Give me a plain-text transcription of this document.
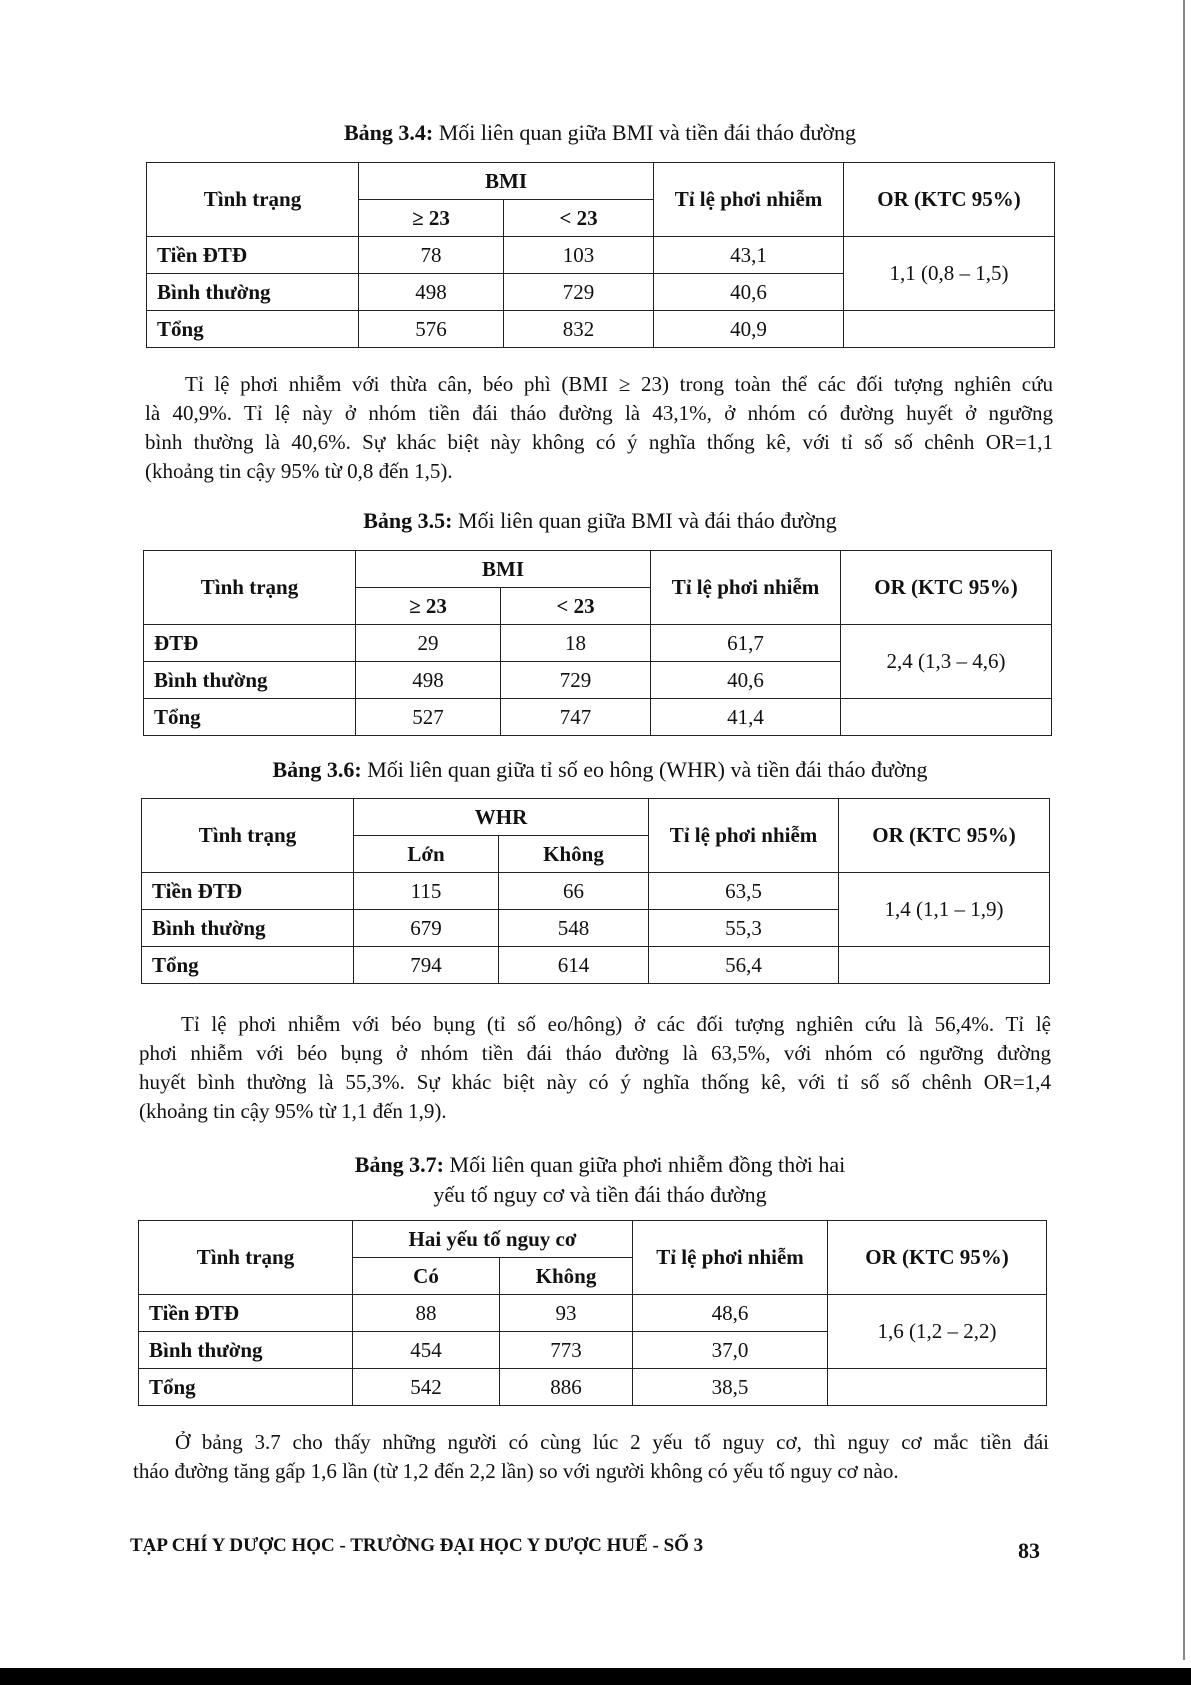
Bảng 3.4: Mối liên quan giữa BMI và tiền đái tháo đường
Tình trạng	BMI		Tỉ lệ phơi nhiễm	OR (KTC 95%)
	≥ 23	< 23		
Tiền ĐTĐ	78	103	43,1	1,1 (0,8 – 1,5)
Bình thường	498	729	40,6	
Tổng	576	832	40,9	
Tỉ lệ phơi nhiễm với thừa cân, béo phì (BMI ≥ 23) trong toàn thể các đối tượng nghiên cứu
là 40,9%. Tỉ lệ này ở nhóm tiền đái tháo đường là 43,1%, ở nhóm có đường huyết ở ngưỡng
bình thường là 40,6%. Sự khác biệt này không có ý nghĩa thống kê, với tỉ số số chênh OR=1,1
(khoảng tin cậy 95% từ 0,8 đến 1,5).
Bảng 3.5: Mối liên quan giữa BMI và đái tháo đường
Tình trạng	BMI		Tỉ lệ phơi nhiễm	OR (KTC 95%)
	≥ 23	< 23		
ĐTĐ	29	18	61,7	2,4 (1,3 – 4,6)
Bình thường	498	729	40,6	
Tổng	527	747	41,4	
Bảng 3.6: Mối liên quan giữa tỉ số eo hông (WHR) và tiền đái tháo đường
Tình trạng	WHR		Tỉ lệ phơi nhiễm	OR (KTC 95%)
	Lớn	Không		
Tiền ĐTĐ	115	66	63,5	1,4 (1,1 – 1,9)
Bình thường	679	548	55,3	
Tổng	794	614	56,4	
Tỉ lệ phơi nhiễm với béo bụng (tỉ số eo/hông) ở các đối tượng nghiên cứu là 56,4%. Tỉ lệ
phơi nhiễm với béo bụng ở nhóm tiền đái tháo đường là 63,5%, với nhóm có ngưỡng đường
huyết bình thường là 55,3%. Sự khác biệt này có ý nghĩa thống kê, với tỉ số số chênh OR=1,4
(khoảng tin cậy 95% từ 1,1 đến 1,9).
Bảng 3.7: Mối liên quan giữa phơi nhiễm đồng thời hai
yếu tố nguy cơ và tiền đái tháo đường
Tình trạng	Hai yếu tố nguy cơ		Tỉ lệ phơi nhiễm	OR (KTC 95%)
	Có	Không		
Tiền ĐTĐ	88	93	48,6	1,6 (1,2 – 2,2)
Bình thường	454	773	37,0	
Tổng	542	886	38,5	
Ở bảng 3.7 cho thấy những người có cùng lúc 2 yếu tố nguy cơ, thì nguy cơ mắc tiền đái
tháo đường tăng gấp 1,6 lần (từ 1,2 đến 2,2 lần) so với người không có yếu tố nguy cơ nào.
TẠP CHÍ Y DƯỢC HỌC - TRƯỜNG ĐẠI HỌC Y DƯỢC HUẾ - SỐ 3	83
